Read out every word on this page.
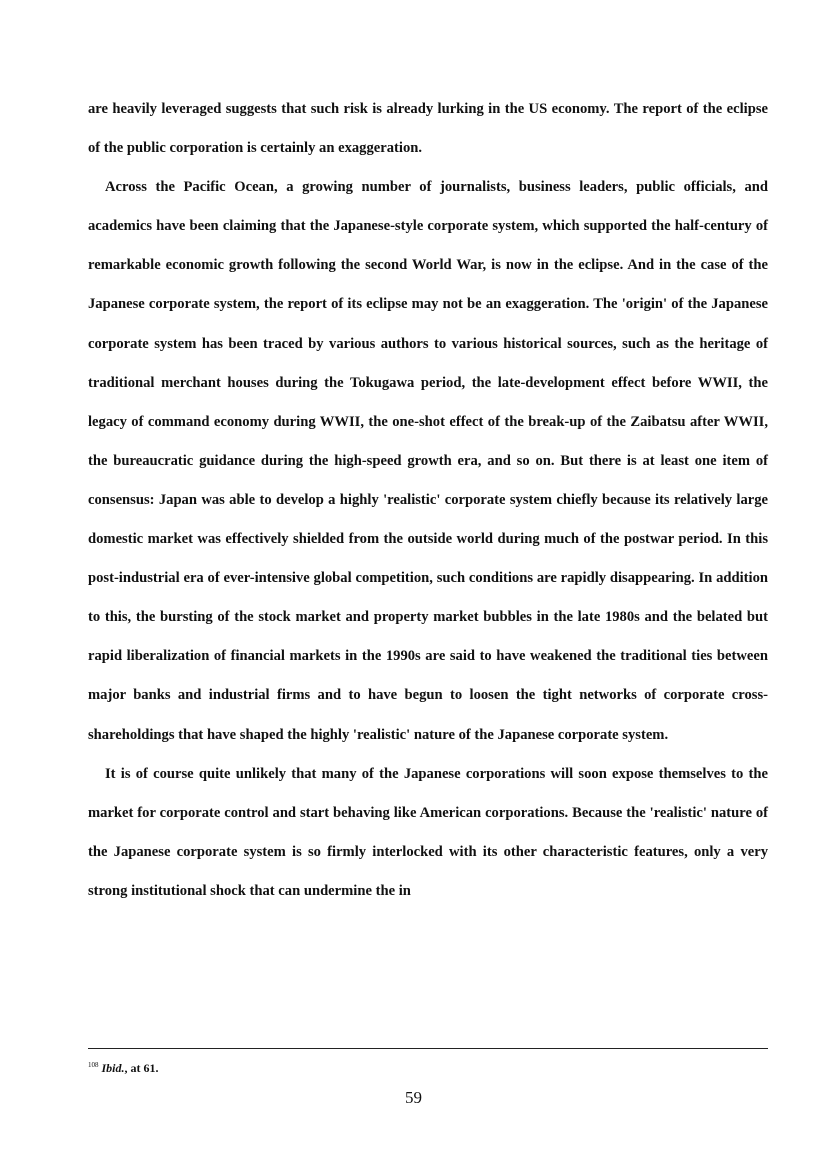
are heavily leveraged suggests that such risk is already lurking in the US economy. The report of the eclipse of the public corporation is certainly an exaggeration.

Across the Pacific Ocean, a growing number of journalists, business leaders, public officials, and academics have been claiming that the Japanese-style corporate system, which supported the half-century of remarkable economic growth following the second World War, is now in the eclipse. And in the case of the Japanese corporate system, the report of its eclipse may not be an exaggeration. The 'origin' of the Japanese corporate system has been traced by various authors to various historical sources, such as the heritage of traditional merchant houses during the Tokugawa period, the late-development effect before WWII, the legacy of command economy during WWII, the one-shot effect of the break-up of the Zaibatsu after WWII, the bureaucratic guidance during the high-speed growth era, and so on. But there is at least one item of consensus: Japan was able to develop a highly 'realistic' corporate system chiefly because its relatively large domestic market was effectively shielded from the outside world during much of the postwar period. In this post-industrial era of ever-intensive global competition, such conditions are rapidly disappearing. In addition to this, the bursting of the stock market and property market bubbles in the late 1980s and the belated but rapid liberalization of financial markets in the 1990s are said to have weakened the traditional ties between major banks and industrial firms and to have begun to loosen the tight networks of corporate cross-shareholdings that have shaped the highly 'realistic' nature of the Japanese corporate system.

It is of course quite unlikely that many of the Japanese corporations will soon expose themselves to the market for corporate control and start behaving like American corporations. Because the 'realistic' nature of the Japanese corporate system is so firmly interlocked with its other characteristic features, only a very strong institutional shock that can undermine the in

$^{108}$ Ibid., at 61.
59
